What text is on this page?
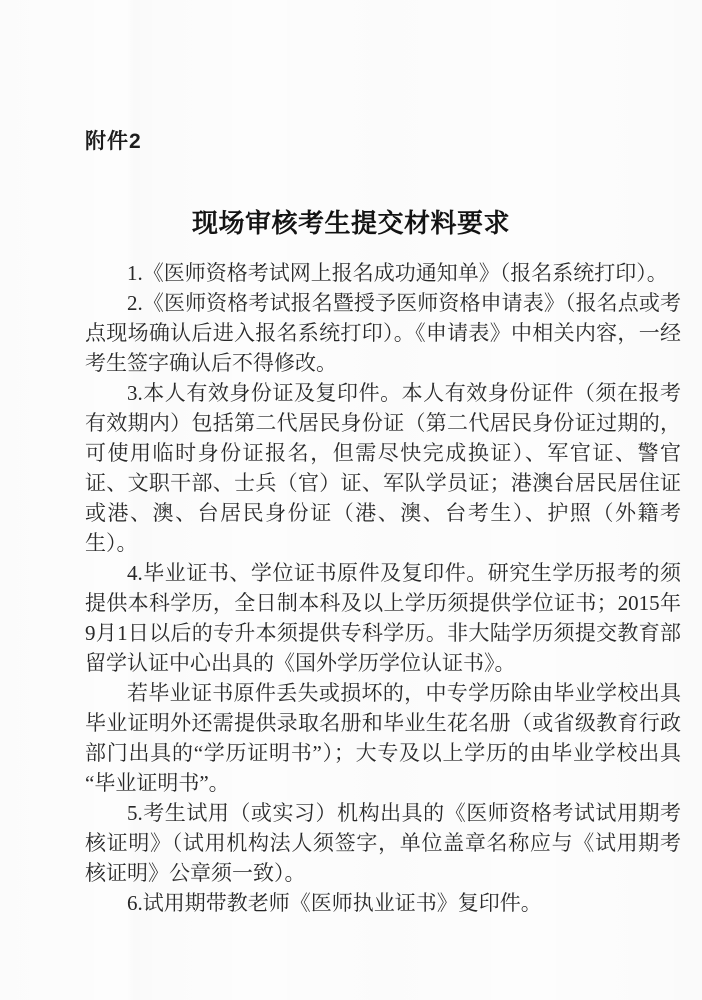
附件2
现场审核考生提交材料要求

1.《医师资格考试网上报名成功通知单》（报名系统打印）。

2.《医师资格考试报名暨授予医师资格申请表》（报名点或考点现场确认后进入报名系统打印）。《申请表》中相关内容，一经考生签字确认后不得修改。

3.本人有效身份证及复印件。本人有效身份证件（须在报考有效期内）包括第二代居民身份证（第二代居民身份证过期的，可使用临时身份证报名，但需尽快完成换证）、军官证、警官证、文职干部、士兵（官）证、军队学员证；港澳台居民居住证或港、澳、台居民身份证（港、澳、台考生）、护照（外籍考生）。

4.毕业证书、学位证书原件及复印件。研究生学历报考的须提供本科学历，全日制本科及以上学历须提供学位证书；2015年9月1日以后的专升本须提供专科学历。非大陆学历须提交教育部留学认证中心出具的《国外学历学位认证书》。

若毕业证书原件丢失或损坏的，中专学历除由毕业学校出具毕业证明外还需提供录取名册和毕业生花名册（或省级教育行政部门出具的“学历证明书”）；大专及以上学历的由毕业学校出具“毕业证明书”。

5.考生试用（或实习）机构出具的《医师资格考试试用期考核证明》（试用机构法人须签字，单位盖章名称应与《试用期考核证明》公章须一致）。

6.试用期带教老师《医师执业证书》复印件。
